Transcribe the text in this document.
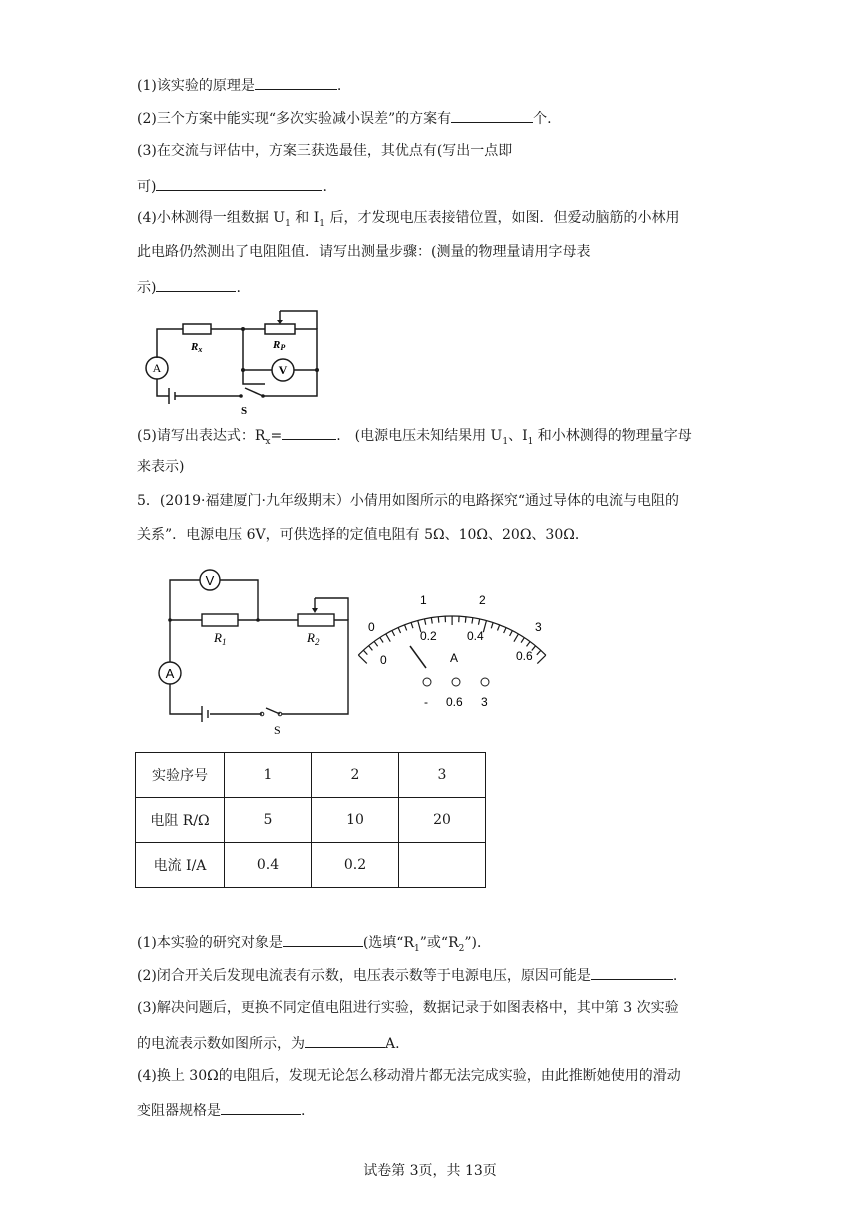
(1)该实验的原理是	.
(2)三个方案中能实现“多次实验减小误差”的方案有	个.
(3)在交流与评估中，方案三获选最佳，其优点有(写出一点即
可)	.
(4)小林测得一组数据 $U_1$ 和 $I_1$ 后，才发现电压表接错位置，如图．但爱动脑筋的小林用
此电路仍然测出了电阻阻值．请写出测量步骤：(测量的物理量请用字母表
示)	.
A	V
Rx	RP
S
(5)请写出表达式：$R_x=$	.　(电源电压未知结果用 $U_1$、$I_1$ 和小林测得的物理量字母
来表示)
5．(2019·福建厦门·九年级期末）小倩用如图所示的电路探究“通过导体的电流与电阻的
关系”．电源电压 6V，可供选择的定值电阻有 5Ω、10Ω、20Ω、30Ω．
V
A
$R_1$	$R_2$
S
0
1	2
3
0
0.2	0.4
0.6
A
- 0.6 3
实验序号	1	2	3
电阻 R/Ω	5	10	20
电流 I/A	0.4	0.2	
(1)本实验的研究对象是	(选填“$R_1$”或“$R_2$”)．
(2)闭合开关后发现电流表有示数，电压表示数等于电源电压，原因可能是	.
(3)解决问题后，更换不同定值电阻进行实验，数据记录于如图表格中，其中第 3 次实验
的电流表示数如图所示，为	A.
(4)换上 30Ω的电阻后，发现无论怎么移动滑片都无法完成实验，由此推断她使用的滑动
变阻器规格是	.
试卷第 3页，共 13页
